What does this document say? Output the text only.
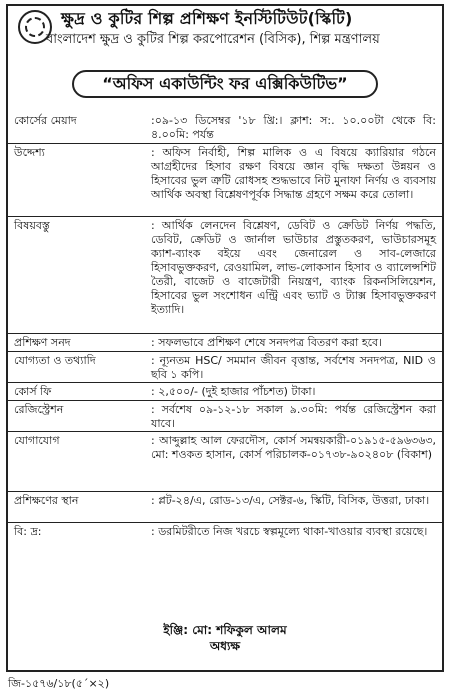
ক্ষুদ্র ও কুটির শিল্প প্রশিক্ষণ ইনস্টিটিউট(স্কিটি)
বাংলাদেশ ক্ষুদ্র ও কুটির শিল্প করপোরেশন (বিসিক), শিল্প মন্ত্রণালয়
“অফিস একাউন্টিং ফর এক্সিকিউটিভ”
কোর্সের মেয়াদ	:০৯-১৩ ডিসেম্বর '১৮ খ্রি:। ক্লাশ: স:. ১০.০০টা থেকে বি: ৪.০০মি: পর্যন্ত
উদ্দেশ্য	: অফিস নির্বাহী, শিল্প মালিক ও এ বিষয়ে ক্যারিয়ার গঠনে আগ্রহীদের হিসাব রক্ষণ বিষয়ে জ্ঞান বৃদ্ধি দক্ষতা উন্নয়ন ও হিসাবের ভুল ত্রুটি রোধসহ শুদ্ধভাবে নিট মুনাফা নির্ণয় ও ব্যবসায় আর্থিক অবস্থা বিশ্লেষণপূর্বক সিদ্ধান্ত গ্রহণে সক্ষম করে তোলা।
বিষয়বস্তু	: আর্থিক লেনদেন বিশ্লেষণ, ডেবিট ও ক্রেডিট নির্ণয় পদ্ধতি, ডেবিট, ক্রেডিট ও জার্নাল ভাউচার প্রস্তুতকরণ, ভাউচারসমূহ ক্যাশ-ব্যাংক বইয়ে এবং জেনারেল ও সাব-লেজারে হিসাবভুক্তকরণ, রেওয়ামিল, লাভ-লোকসান হিসাব ও ব্যালেন্সশিট তৈরী, বাজেট ও বাজেটারী নিয়ন্ত্রণ, ব্যাংক রিকনসিলিয়েশন, হিসাবের ভুল সংশোধন এন্ট্রি এবং ভ্যাট ও ট্যাক্স হিসাবভুক্তকরণ ইত্যাদি।
প্রশিক্ষণ সনদ	: সফলভাবে প্রশিক্ষণ শেষে সনদপত্র বিতরণ করা হবে।
যোগ্যতা ও তথ্যাদি	: ন্যূনতম HSC/ সমমান জীবন বৃত্তান্ত, সর্বশেষ সনদপত্র, NID ও ছবি ১ কপি।
কোর্স ফি	: ২,৫০০/- (দুই হাজার পাঁচশত) টাকা।
রেজিস্ট্রেশন	: সর্বশেষ ০৯-১২-১৮ সকাল ৯.৩০মি: পর্যন্ত রেজিস্ট্রেশন করা যাবে।
যোগাযোগ	: আব্দুল্লাহ আল ফেরদৌস, কোর্স সমন্বয়কারী-০১৯১৫-৫৯৬৩৬৩, মো: শওকত হাসান, কোর্স পরিচালক-০১৭৩৮-৯০২৪০৮ (বিকাশ)
প্রশিক্ষণের স্থান	: প্লট-২৪/এ, রোড-১৩/এ, সেক্টর-৬, স্কিটি, বিসিক, উত্তরা, ঢাকা।
বি: দ্র:	: ডরমিটরীতে নিজ খরচে স্বল্পমূল্যে থাকা-খাওয়ার ব্যবস্থা রয়েছে।
ইঞ্জি: মো: শফিকুল আলম
অধ্যক্ষ
জি-১৫৭৬/১৮(৫´×২)
